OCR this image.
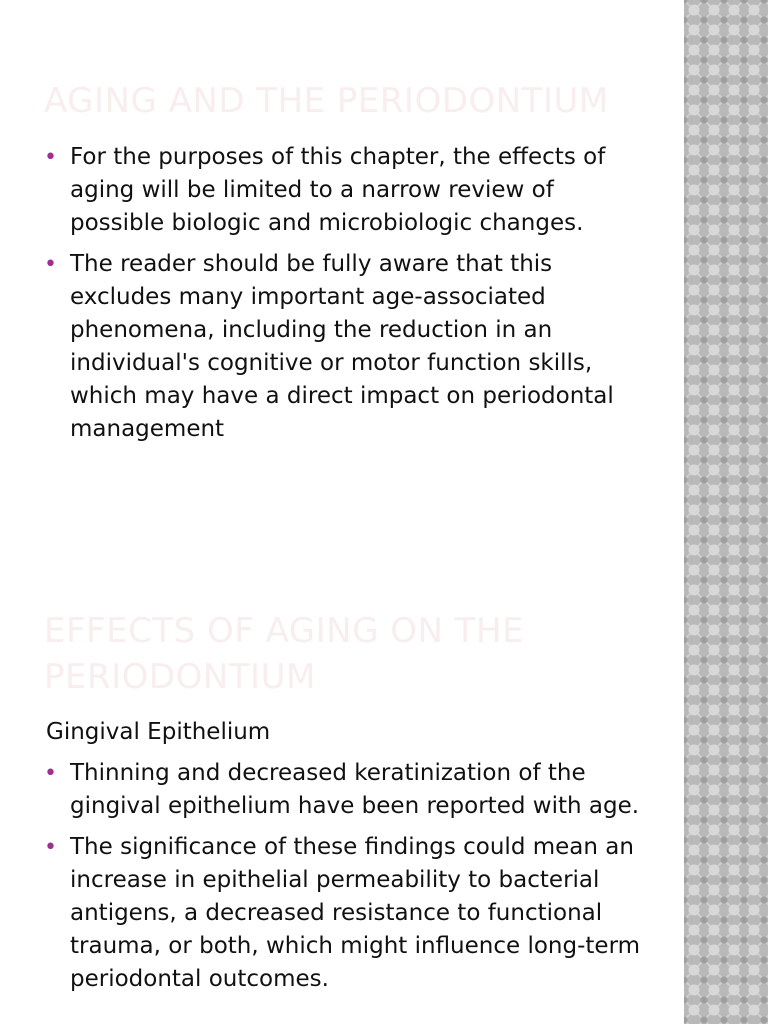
AGING AND THE PERIODONTIUM
• For the purposes of this chapter, the effects of aging will be limited to a narrow review of possible biologic and microbiologic changes.
• The reader should be fully aware that this excludes many important age-associated phenomena, including the reduction in an individual's cognitive or motor function skills, which may have a direct impact on periodontal management
EFFECTS OF AGING ON THE PERIODONTIUM
Gingival Epithelium
• Thinning and decreased keratinization of the gingival epithelium have been reported with age.
• The significance of these findings could mean an increase in epithelial permeability to bacterial antigens, a decreased resistance to functional trauma, or both, which might influence long-term periodontal outcomes.
